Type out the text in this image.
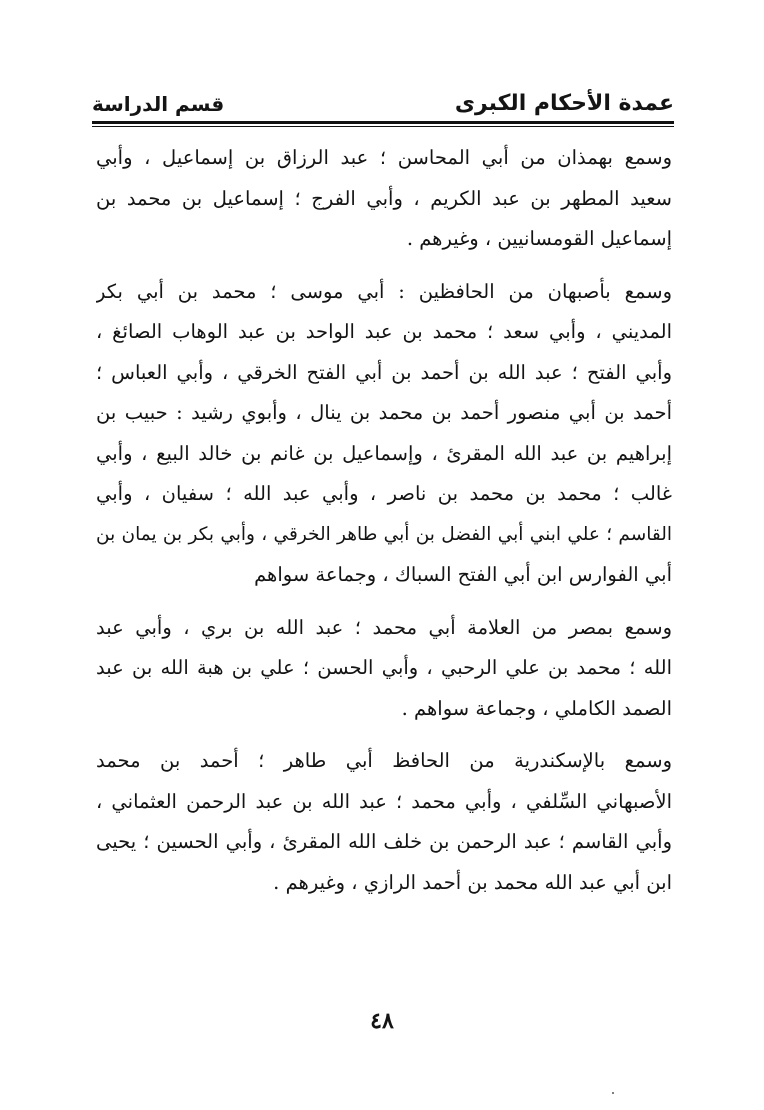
عمدة الأحكام الكبرى
قسم الدراسة
وسمع بهمذان من أبي المحاسن ؛ عبد الرزاق بن إسماعيل ، وأبي
سعيد المطهر بن عبد الكريم ، وأبي الفرج ؛ إسماعيل بن محمد بن
إسماعيل القومسانيين ، وغيرهم .
وسمع بأصبهان من الحافظين : أبي موسى ؛ محمد بن أبي بكر
المديني ، وأبي سعد ؛ محمد بن عبد الواحد بن عبد الوهاب الصائغ ،
وأبي الفتح ؛ عبد الله بن أحمد بن أبي الفتح الخرقي ، وأبي العباس ؛
أحمد بن أبي منصور أحمد بن محمد بن ينال ، وأبوي رشيد : حبيب بن
إبراهيم بن عبد الله المقرئ ، وإسماعيل بن غانم بن خالد البيع ، وأبي
غالب ؛ محمد بن محمد بن ناصر ، وأبي عبد الله ؛ سفيان ، وأبي
القاسم ؛ علي ابني أبي الفضل بن أبي طاهر الخرقي ، وأبي بكر بن يمان بن
أبي الفوارس ابن أبي الفتح السباك ، وجماعة سواهم
وسمع بمصر من العلامة أبي محمد ؛ عبد الله بن بري ، وأبي عبد
الله ؛ محمد بن علي الرحبي ، وأبي الحسن ؛ علي بن هبة الله بن عبد
الصمد الكاملي ، وجماعة سواهم .
وسمع بالإسكندرية من الحافظ أبي طاهر ؛ أحمد بن محمد
الأصبهاني السِّلفي ، وأبي محمد ؛ عبد الله بن عبد الرحمن العثماني ،
وأبي القاسم ؛ عبد الرحمن بن خلف الله المقرئ ، وأبي الحسين ؛ يحيى
ابن أبي عبد الله محمد بن أحمد الرازي ، وغيرهم .
٤٨
